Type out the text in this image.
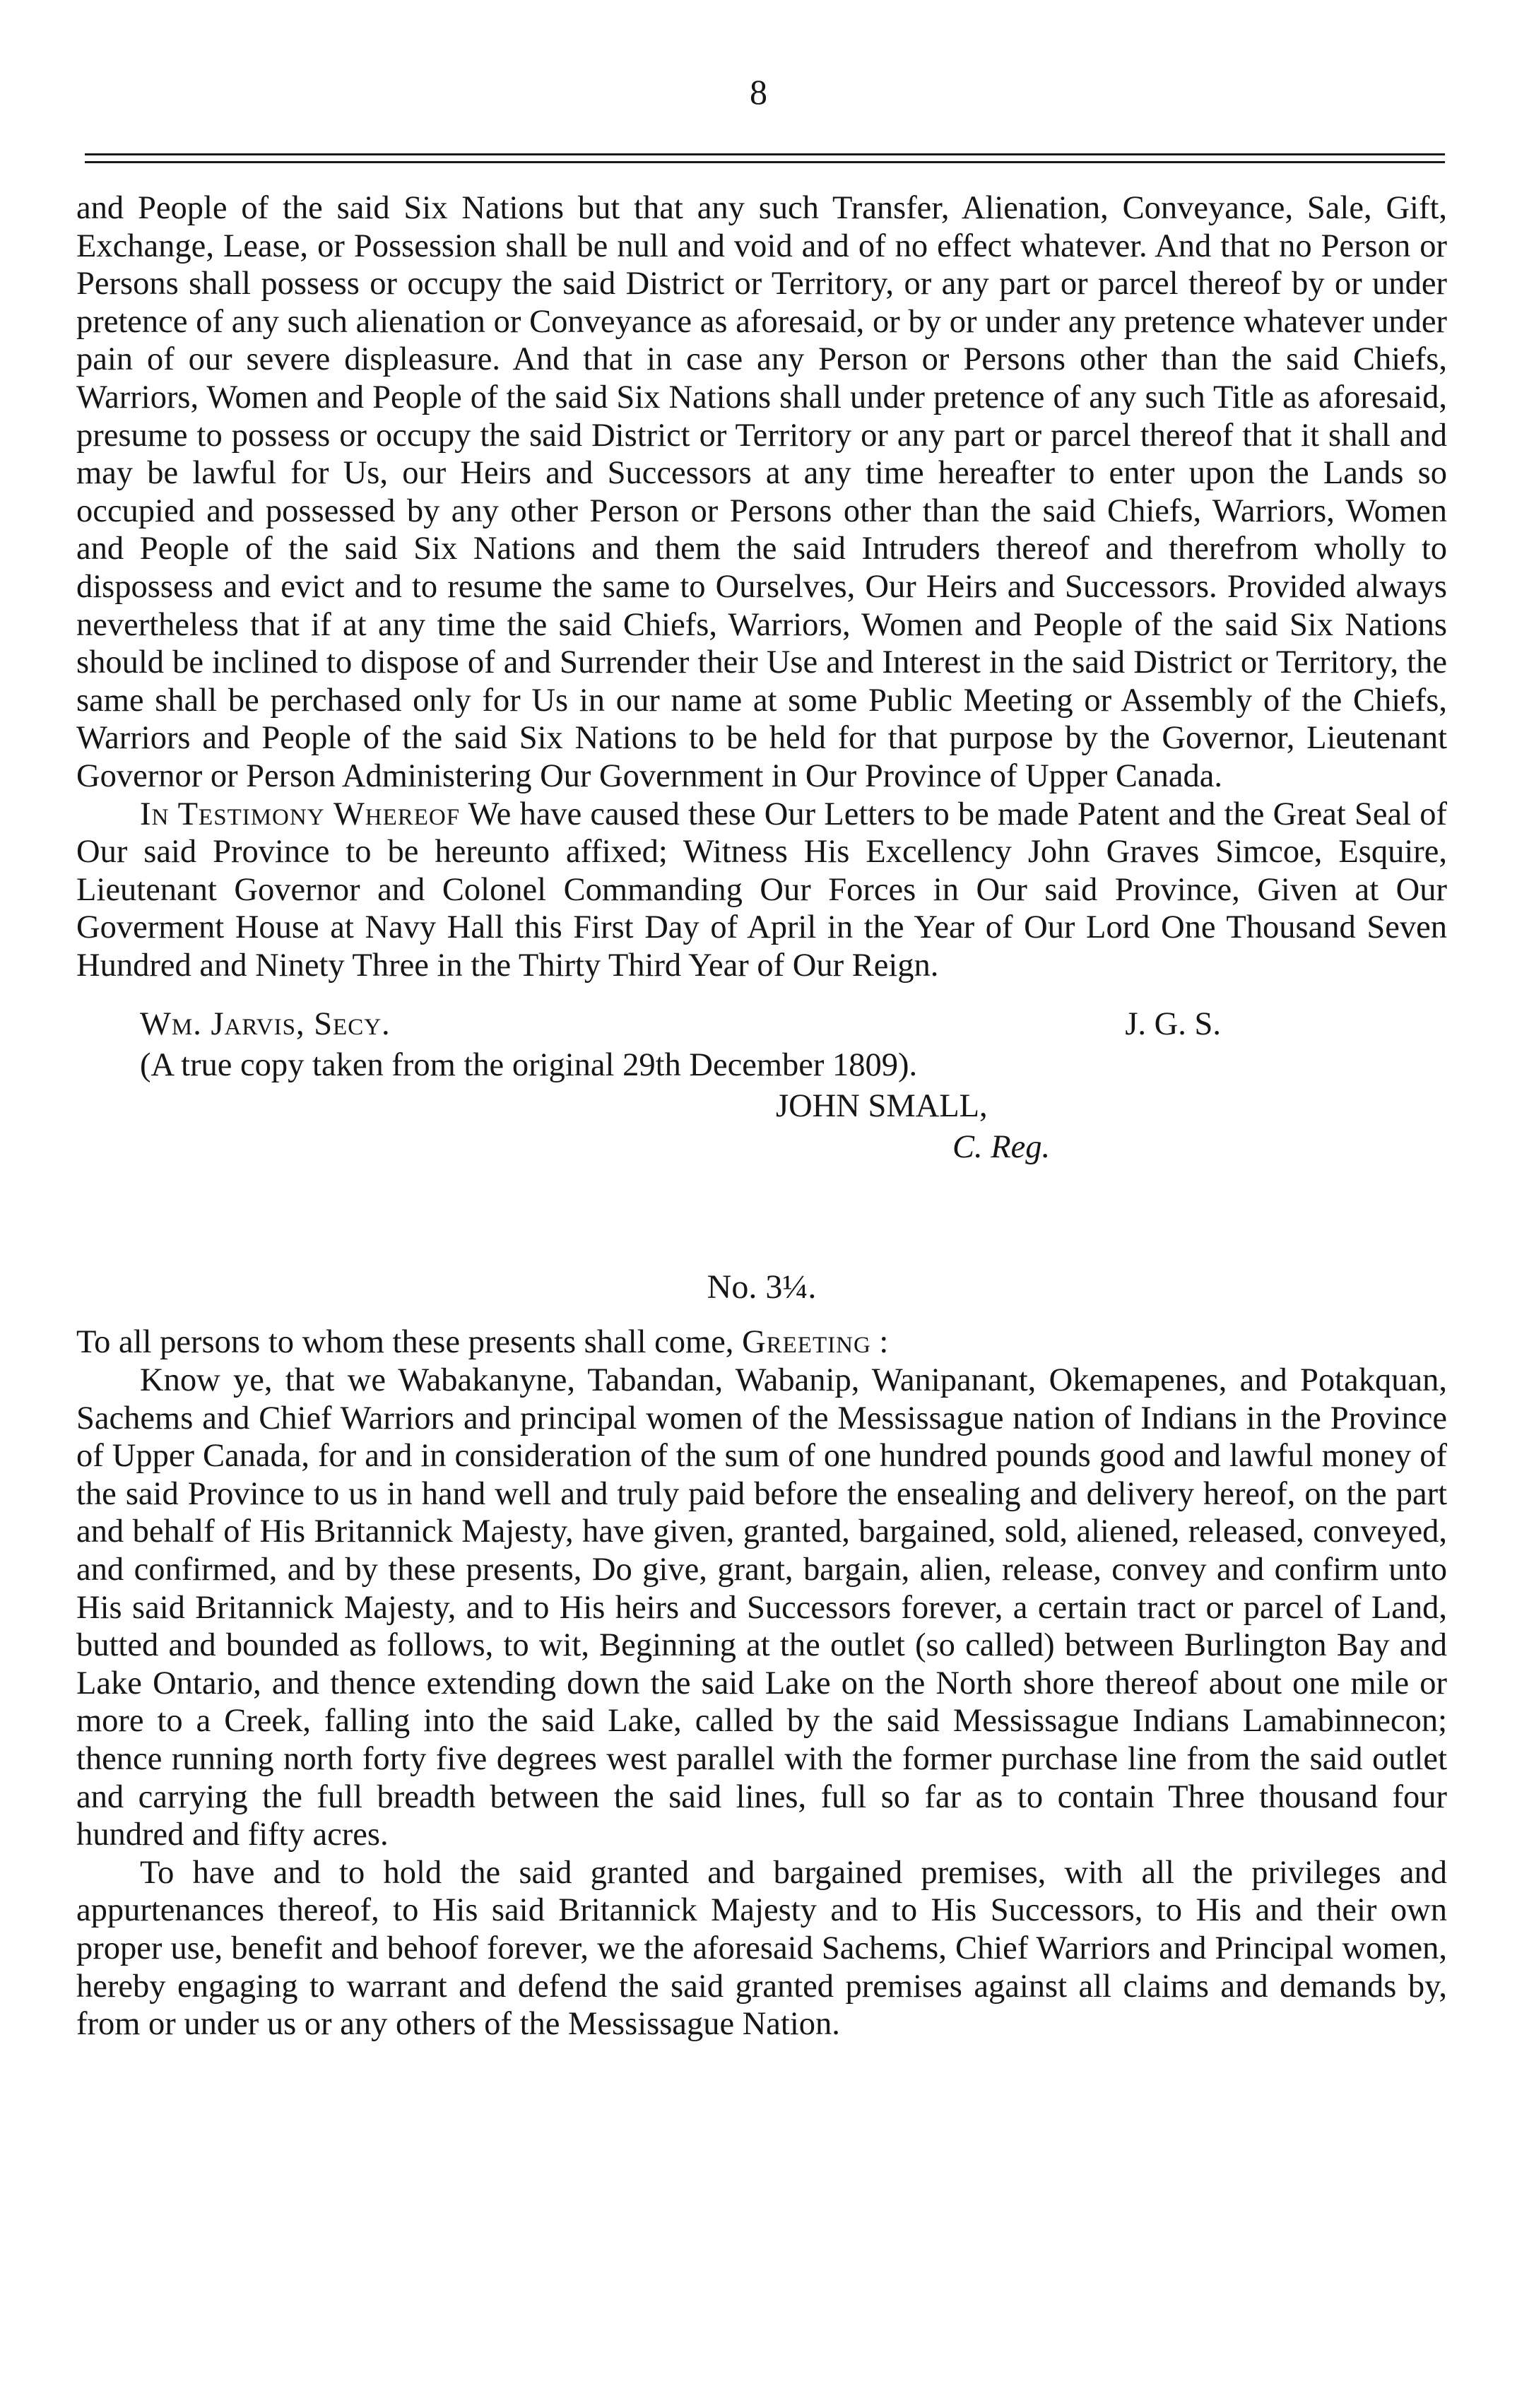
8

and People of the said Six Nations but that any such Transfer, Alienation, Conveyance, Sale, Gift, Exchange, Lease, or Possession shall be null and void and of no effect whatever. And that no Person or Persons shall possess or occupy the said District or Territory, or any part or parcel thereof by or under pretence of any such alienation or Conveyance as aforesaid, or by or under any pretence whatever under pain of our severe displeasure. And that in case any Person or Persons other than the said Chiefs, Warriors, Women and People of the said Six Nations shall under pretence of any such Title as aforesaid, presume to possess or occupy the said District or Territory or any part or parcel thereof that it shall and may be lawful for Us, our Heirs and Successors at any time hereafter to enter upon the Lands so occupied and possessed by any other Person or Persons other than the said Chiefs, Warriors, Women and People of the said Six Nations and them the said Intruders thereof and therefrom wholly to dispossess and evict and to resume the same to Ourselves, Our Heirs and Successors. Provided always nevertheless that if at any time the said Chiefs, Warriors, Women and People of the said Six Nations should be inclined to dispose of and Surrender their Use and Interest in the said District or Territory, the same shall be perchased only for Us in our name at some Public Meeting or Assembly of the Chiefs, Warriors and People of the said Six Nations to be held for that purpose by the Governor, Lieutenant Governor or Person Administering Our Government in Our Province of Upper Canada.

In Testimony Whereof We have caused these Our Letters to be made Patent and the Great Seal of Our said Province to be hereunto affixed; Witness His Excellency John Graves Simcoe, Esquire, Lieutenant Governor and Colonel Commanding Our Forces in Our said Province, Given at Our Goverment House at Navy Hall this First Day of April in the Year of Our Lord One Thousand Seven Hundred and Ninety Three in the Thirty Third Year of Our Reign.

Wm. Jarvis, Secy.	J. G. S.
(A true copy taken from the original 29th December 1809).
JOHN SMALL,
C. Reg.
No. 3¼.

To all persons to whom these presents shall come, Greeting :

Know ye, that we Wabakanyne, Tabandan, Wabanip, Wanipanant, Okemapenes, and Potakquan, Sachems and Chief Warriors and principal women of the Messissague nation of Indians in the Province of Upper Canada, for and in consideration of the sum of one hundred pounds good and lawful money of the said Province to us in hand well and truly paid before the ensealing and delivery hereof, on the part and behalf of His Britannick Majesty, have given, granted, bargained, sold, aliened, released, conveyed, and confirmed, and by these presents, Do give, grant, bargain, alien, release, convey and confirm unto His said Britannick Majesty, and to His heirs and Successors forever, a certain tract or parcel of Land, butted and bounded as follows, to wit, Beginning at the outlet (so called) between Burlington Bay and Lake Ontario, and thence extending down the said Lake on the North shore thereof about one mile or more to a Creek, falling into the said Lake, called by the said Messissague Indians Lamabinnecon; thence running north forty five degrees west parallel with the former purchase line from the said outlet and carrying the full breadth between the said lines, full so far as to contain Three thousand four hundred and fifty acres.

To have and to hold the said granted and bargained premises, with all the privileges and appurtenances thereof, to His said Britannick Majesty and to His Successors, to His and their own proper use, benefit and behoof forever, we the aforesaid Sachems, Chief Warriors and Principal women, hereby engaging to warrant and defend the said granted premises against all claims and demands by, from or under us or any others of the Messissague Nation.
